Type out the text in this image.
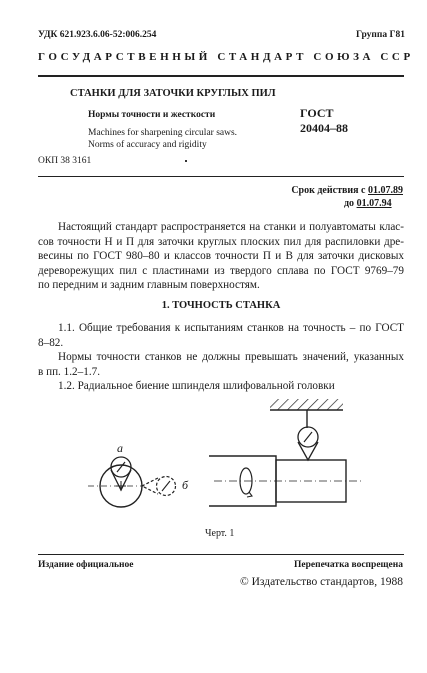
УДК 621.923.6.06-52:006.254	Группа Г81
ГОСУДАРСТВЕННЫЙ СТАНДАРТ СОЮЗА ССР
СТАНКИ ДЛЯ ЗАТОЧКИ КРУГЛЫХ ПИЛ
Нормы точности и жесткости
Machines for sharpening circular saws.
Norms of accuracy and rigidity
ГОСТ
20404–88
ОКП 38 3161
Срок действия с 01.07.89
до 01.07.94
Настоящий стандарт распространяется на станки и полуавтоматы клас-
сов точности Н и П для заточки круглых плоских пил для распиловки дре-
весины по ГОСТ 980–80 и классов точности П и В для заточки дисковых
дереворежущих пил с пластинами из твердого сплава по ГОСТ 9769–79
по передним и задним главным поверхностям.
1. ТОЧНОСТЬ СТАНКА
1.1. Общие требования к испытаниям станков на точность – по ГОСТ
8–82.
Нормы точности станков не должны превышать значений, указанных
в пп. 1.2–1.7.
1.2. Радиальное биение шпинделя шлифовальной головки
а
б
Черт. 1
Издание официальное	Перепечатка воспрещена
© Издательство стандартов, 1988
